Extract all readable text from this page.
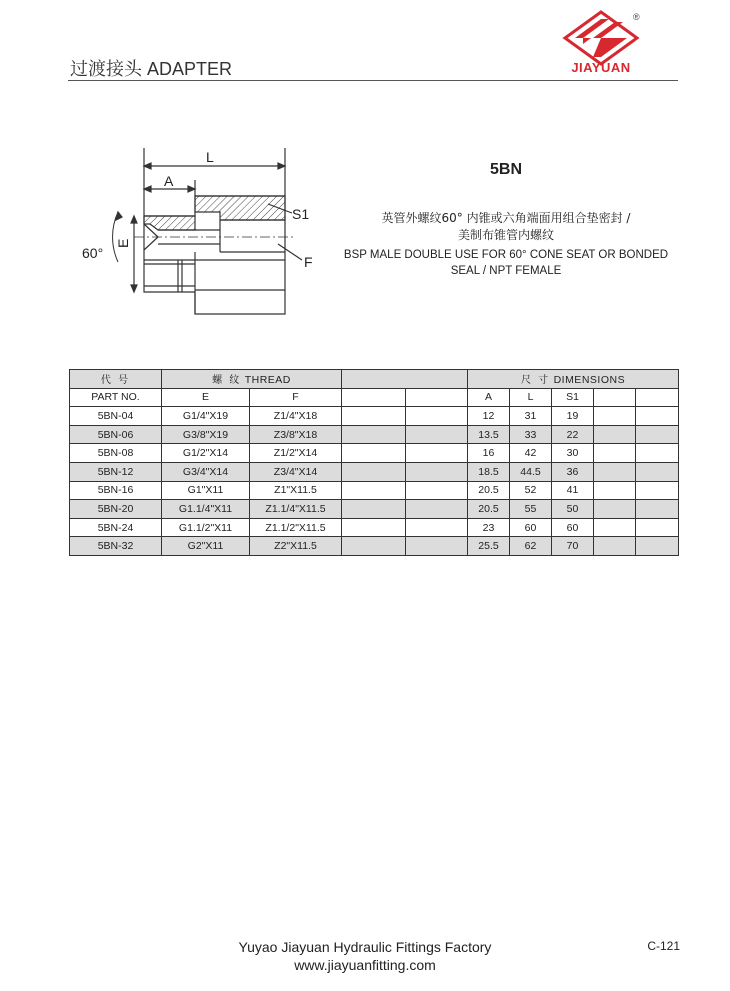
过渡接头 ADAPTER
®
JIAYUAN
L
A
E
60°
S1
F
5BN
英管外螺纹60° 内锥或六角端面用组合垫密封 /
美制布锥管内螺纹
BSP MALE DOUBLE USE FOR 60° CONE SEAT OR BONDED
SEAL / NPT FEMALE
代 号	螺 纹 THREAD				尺 寸 DIMENSIONS				
PART NO.	E	F			A	L	S1		
5BN-04	G1/4"X19	Z1/4"X18			12	31	19		
5BN-06	G3/8"X19	Z3/8"X18			13.5	33	22		
5BN-08	G1/2"X14	Z1/2"X14			16	42	30		
5BN-12	G3/4"X14	Z3/4"X14			18.5	44.5	36		
5BN-16	G1"X11	Z1"X11.5			20.5	52	41		
5BN-20	G1.1/4"X11	Z1.1/4"X11.5			20.5	55	50		
5BN-24	G1.1/2"X11	Z1.1/2"X11.5			23	60	60		
5BN-32	G2"X11	Z2"X11.5			25.5	62	70		
Yuyao Jiayuan Hydraulic Fittings Factory
www.jiayuanfitting.com
C-121
